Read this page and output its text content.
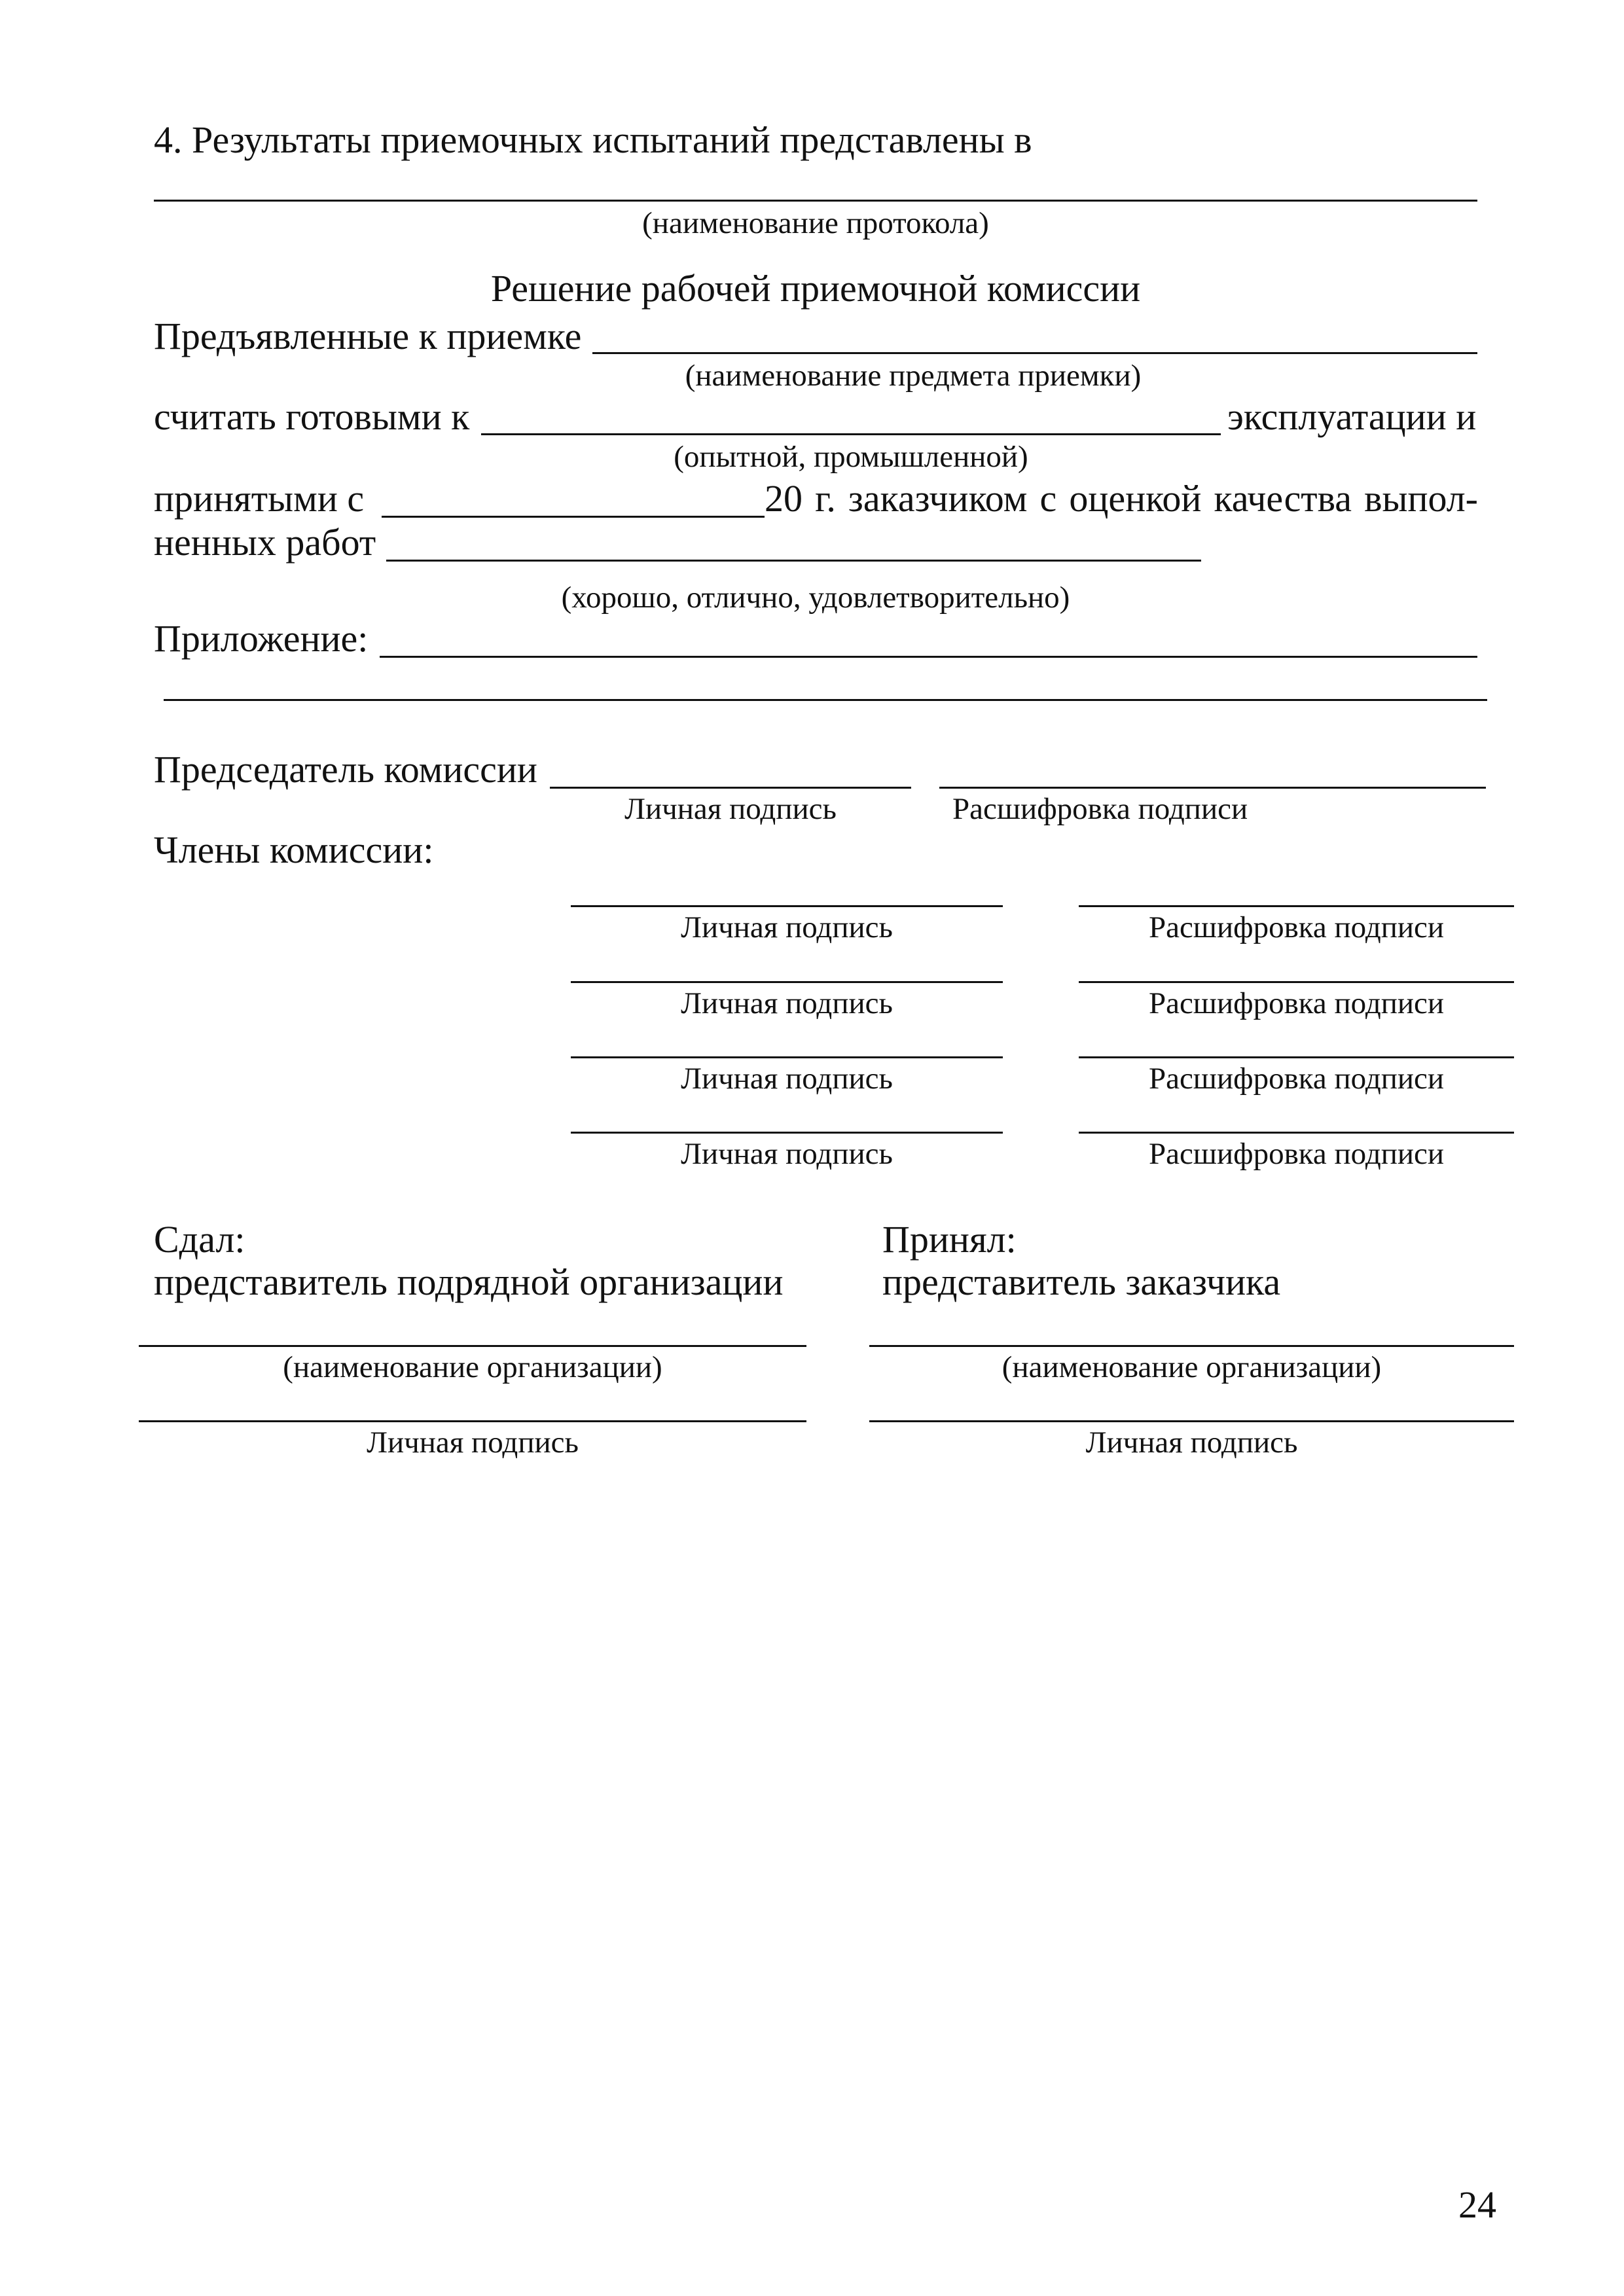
4. Результаты приемочных испытаний представлены в
(наименование протокола)
Решение рабочей приемочной комиссии
Предъявленные к приемке
(наименование предмета приемки)
считать готовыми к	эксплуатации и
(опытной, промышленной)
принятыми с	20 г. заказчиком с оценкой качества выпол-
ненных работ
(хорошо, отлично, удовлетворительно)
Приложение:
Председатель комиссии
Личная подпись	Расшифровка подписи
Члены комиссии:
Личная подпись	Расшифровка подписи
Личная подпись	Расшифровка подписи
Личная подпись	Расшифровка подписи
Личная подпись	Расшифровка подписи
Сдал:
представитель подрядной организации
(наименование организации)
Личная подпись
Принял:
представитель заказчика
(наименование организации)
Личная подпись
24
